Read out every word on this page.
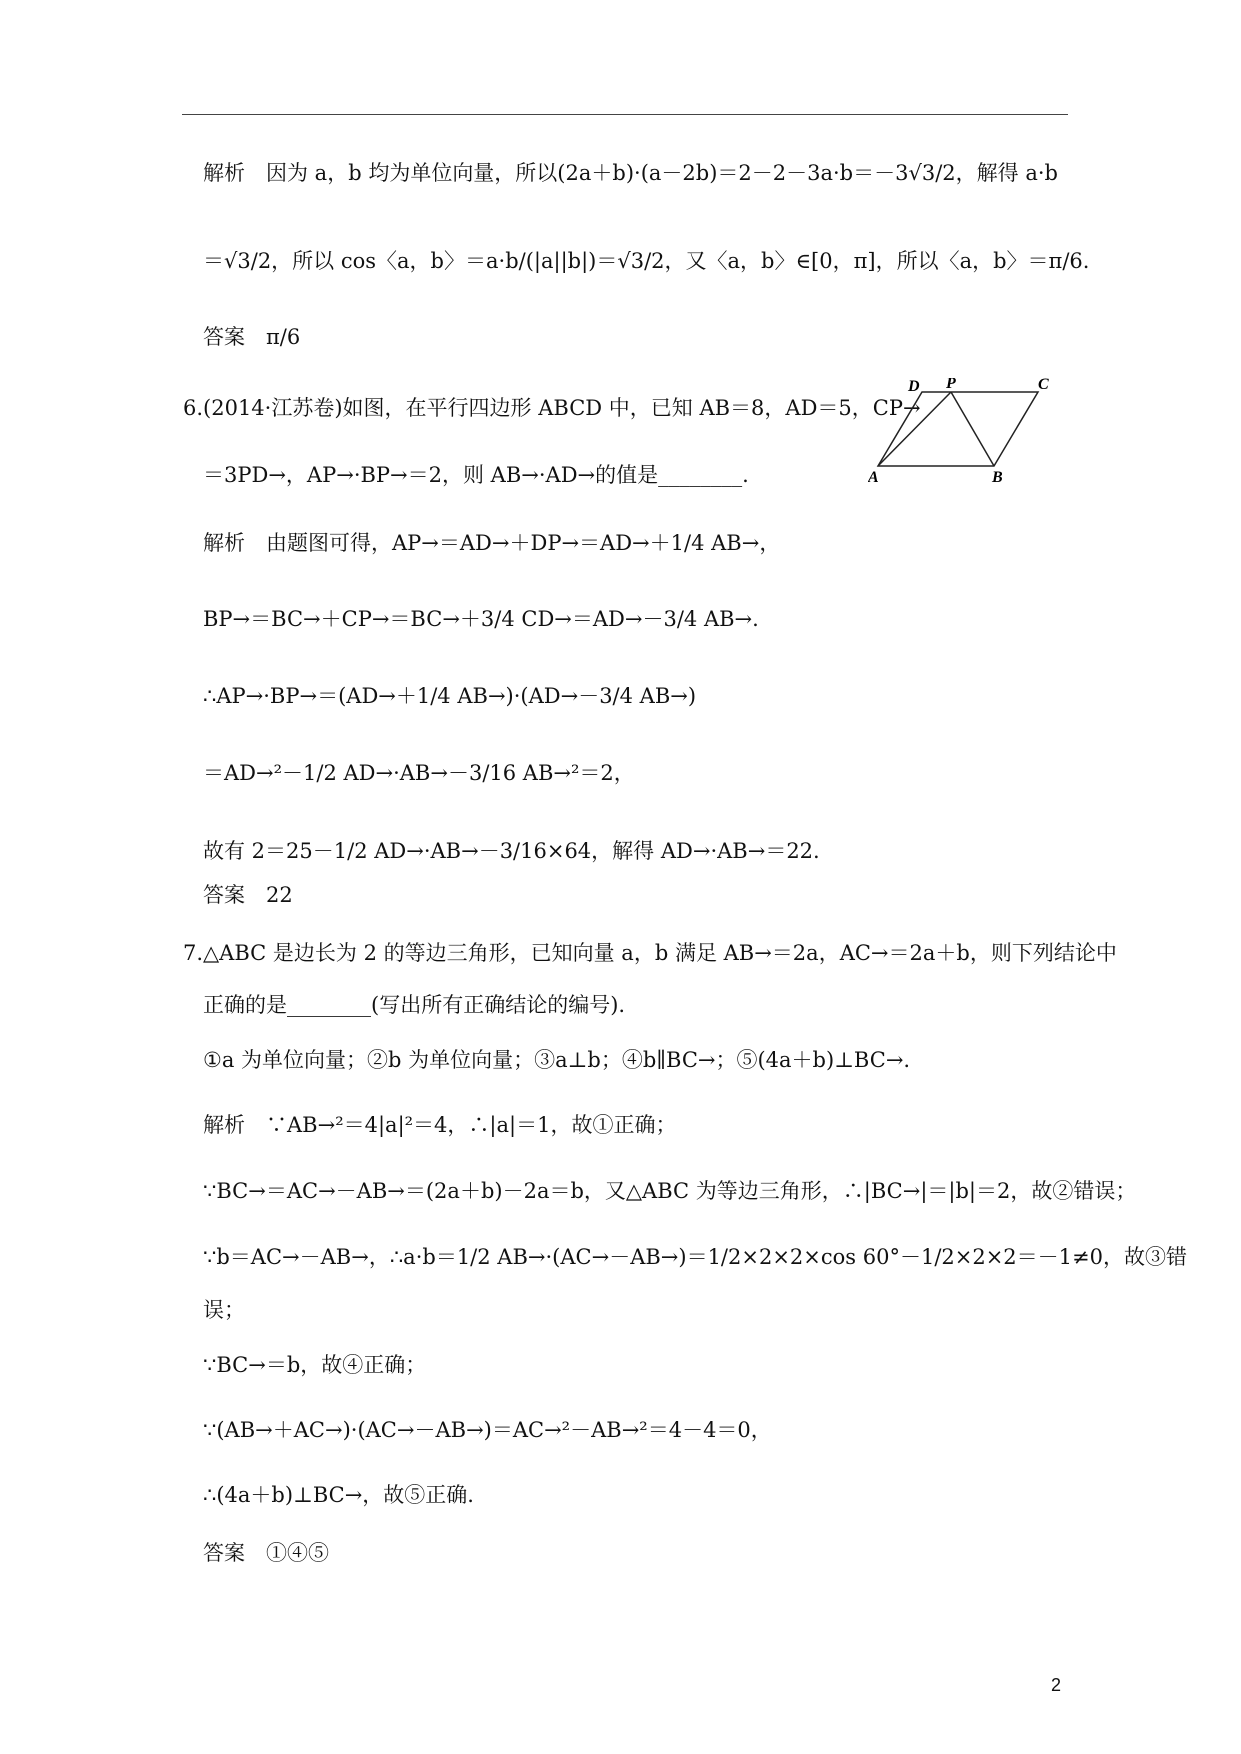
解析　因为 a，b 均为单位向量，所以(2a＋b)·(a－2b)＝2－2－3a·b＝－3√3/2，解得 a·b
＝√3/2，所以 cos〈a，b〉＝a·b/(|a||b|)＝√3/2，又〈a，b〉∈[0，π]，所以〈a，b〉＝π/6.
答案　π/6
6.(2014·江苏卷)如图，在平行四边形 ABCD 中，已知 AB＝8，AD＝5，CP→
＝3PD→，AP→·BP→＝2，则 AB→·AD→的值是________.
D P	C
A	B
解析　由题图可得，AP→＝AD→＋DP→＝AD→＋1/4 AB→，
BP→＝BC→＋CP→＝BC→＋3/4 CD→＝AD→－3/4 AB→.
∴AP→·BP→＝(AD→＋1/4 AB→)·(AD→－3/4 AB→)
＝AD→²－1/2 AD→·AB→－3/16 AB→²＝2，
故有 2＝25－1/2 AD→·AB→－3/16×64，解得 AD→·AB→＝22.
答案　22
7.△ABC 是边长为 2 的等边三角形，已知向量 a，b 满足 AB→＝2a，AC→＝2a＋b，则下列结论中
正确的是________(写出所有正确结论的编号).
①a 为单位向量；②b 为单位向量；③a⊥b；④b∥BC→；⑤(4a＋b)⊥BC→.
解析　∵AB→²＝4|a|²＝4，∴|a|＝1，故①正确；
∵BC→＝AC→－AB→＝(2a＋b)－2a＝b，又△ABC 为等边三角形，∴|BC→|＝|b|＝2，故②错误；
∵b＝AC→－AB→，∴a·b＝1/2 AB→·(AC→－AB→)＝1/2×2×2×cos 60°－1/2×2×2＝－1≠0，故③错
误；
∵BC→＝b，故④正确；
∵(AB→＋AC→)·(AC→－AB→)＝AC→²－AB→²＝4－4＝0，
∴(4a＋b)⊥BC→，故⑤正确.
答案　①④⑤
2
